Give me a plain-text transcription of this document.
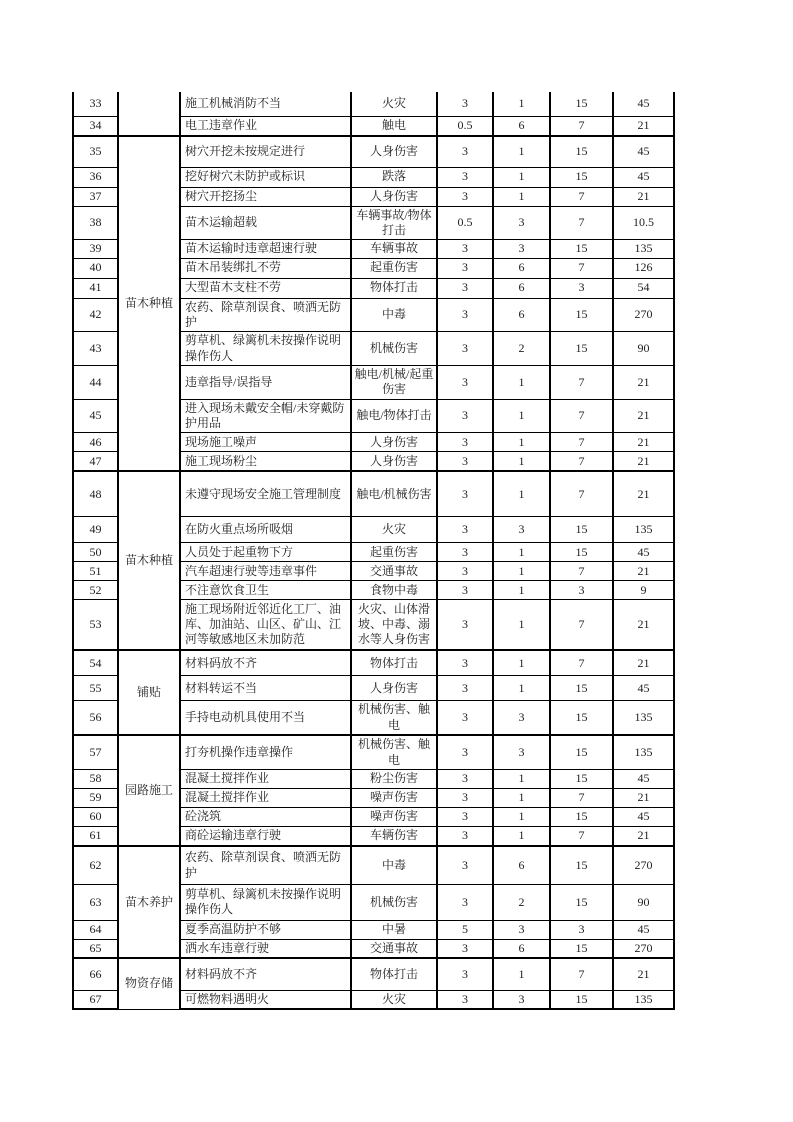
33		施工机械消防不当	火灾	3	1	15	45
34		电工违章作业	触电	0.5	6	7	21
35	苗木种植	树穴开挖未按规定进行	人身伤害	3	1	15	45
36		挖好树穴未防护或标识	跌落	3	1	15	45
37		树穴开挖扬尘	人身伤害	3	1	7	21
38		苗木运输超载	车辆事故/物体打击	0.5	3	7	10.5
39		苗木运输时违章超速行驶	车辆事故	3	3	15	135
40		苗木吊装绑扎不劳	起重伤害	3	6	7	126
41		大型苗木支柱不劳	物体打击	3	6	3	54
42		农药、除草剂误食、喷洒无防护	中毒	3	6	15	270
43		剪草机、绿篱机未按操作说明操作伤人	机械伤害	3	2	15	90
44		违章指导/误指导	触电/机械/起重伤害	3	1	7	21
45		进入现场未戴安全帽/未穿戴防护用品	触电/物体打击	3	1	7	21
46		现场施工噪声	人身伤害	3	1	7	21
47		施工现场粉尘	人身伤害	3	1	7	21
48	苗木种植	未遵守现场安全施工管理制度	触电/机械伤害	3	1	7	21
49		在防火重点场所吸烟	火灾	3	3	15	135
50		人员处于起重物下方	起重伤害	3	1	15	45
51		汽车超速行驶等违章事件	交通事故	3	1	7	21
52		不注意饮食卫生	食物中毒	3	1	3	9
53		施工现场附近邻近化工厂、油库、加油站、山区、矿山、江河等敏感地区未加防范	火灾、山体滑坡、中毒、溺水等人身伤害	3	1	7	21
54	铺贴	材料码放不齐	物体打击	3	1	7	21
55		材料转运不当	人身伤害	3	1	15	45
56		手持电动机具使用不当	机械伤害、触电	3	3	15	135
57	园路施工	打夯机操作违章操作	机械伤害、触电	3	3	15	135
58		混凝土搅拌作业	粉尘伤害	3	1	15	45
59		混凝土搅拌作业	噪声伤害	3	1	7	21
60		砼浇筑	噪声伤害	3	1	15	45
61		商砼运输违章行驶	车辆伤害	3	1	7	21
62	苗木养护	农药、除草剂误食、喷洒无防护	中毒	3	6	15	270
63		剪草机、绿篱机未按操作说明操作伤人	机械伤害	3	2	15	90
64		夏季高温防护不够	中暑	5	3	3	45
65		洒水车违章行驶	交通事故	3	6	15	270
66	物资存储	材料码放不齐	物体打击	3	1	7	21
67		可燃物料遇明火	火灾	3	3	15	135
